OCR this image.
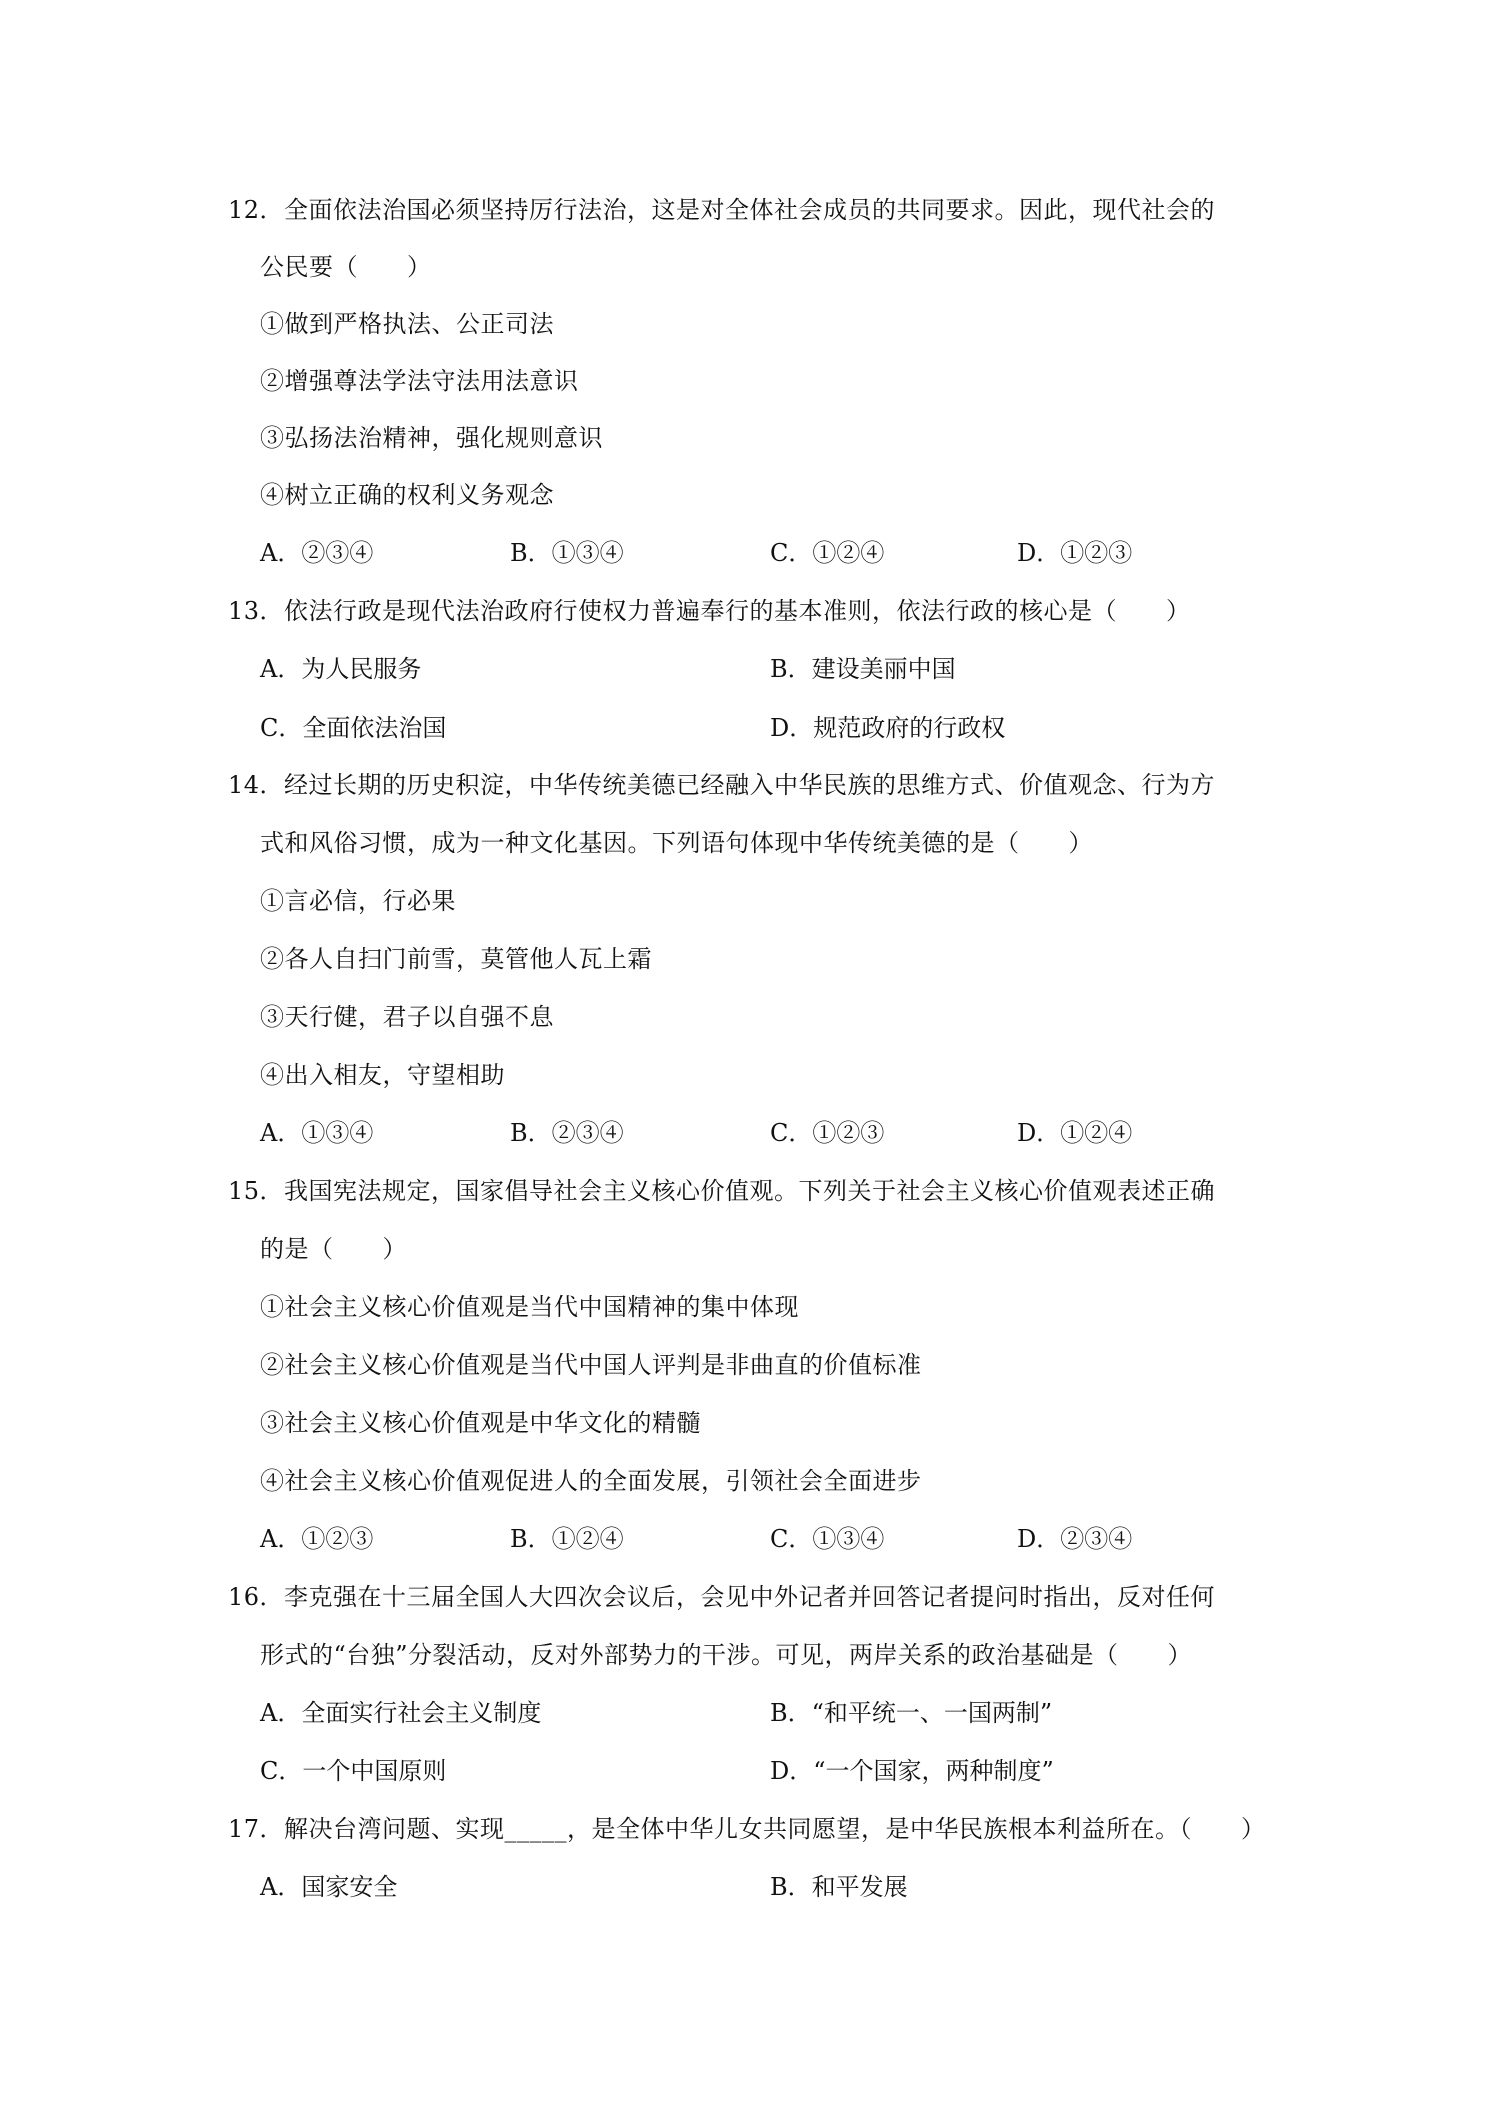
12．全面依法治国必须坚持厉行法治，这是对全体社会成员的共同要求。因此，现代社会的
公民要（　　）
①做到严格执法、公正司法
②增强尊法学法守法用法意识
③弘扬法治精神，强化规则意识
④树立正确的权利义务观念
A．②③④	B．①③④	C．①②④	D．①②③
13．依法行政是现代法治政府行使权力普遍奉行的基本准则，依法行政的核心是（　　）
A．为人民服务	B．建设美丽中国
C．全面依法治国	D．规范政府的行政权
14．经过长期的历史积淀，中华传统美德已经融入中华民族的思维方式、价值观念、行为方
式和风俗习惯，成为一种文化基因。下列语句体现中华传统美德的是（　　）
①言必信，行必果
②各人自扫门前雪，莫管他人瓦上霜
③天行健，君子以自强不息
④出入相友，守望相助
A．①③④	B．②③④	C．①②③	D．①②④
15．我国宪法规定，国家倡导社会主义核心价值观。下列关于社会主义核心价值观表述正确
的是（　　）
①社会主义核心价值观是当代中国精神的集中体现
②社会主义核心价值观是当代中国人评判是非曲直的价值标准
③社会主义核心价值观是中华文化的精髓
④社会主义核心价值观促进人的全面发展，引领社会全面进步
A．①②③	B．①②④	C．①③④	D．②③④
16．李克强在十三届全国人大四次会议后，会见中外记者并回答记者提问时指出，反对任何
形式的“台独”分裂活动，反对外部势力的干涉。可见，两岸关系的政治基础是（　　）
A．全面实行社会主义制度	B．“和平统一、一国两制”
C．一个中国原则	D．“一个国家，两种制度”
17．解决台湾问题、实现_____，是全体中华儿女共同愿望，是中华民族根本利益所在。（　　）
A．国家安全	B．和平发展
